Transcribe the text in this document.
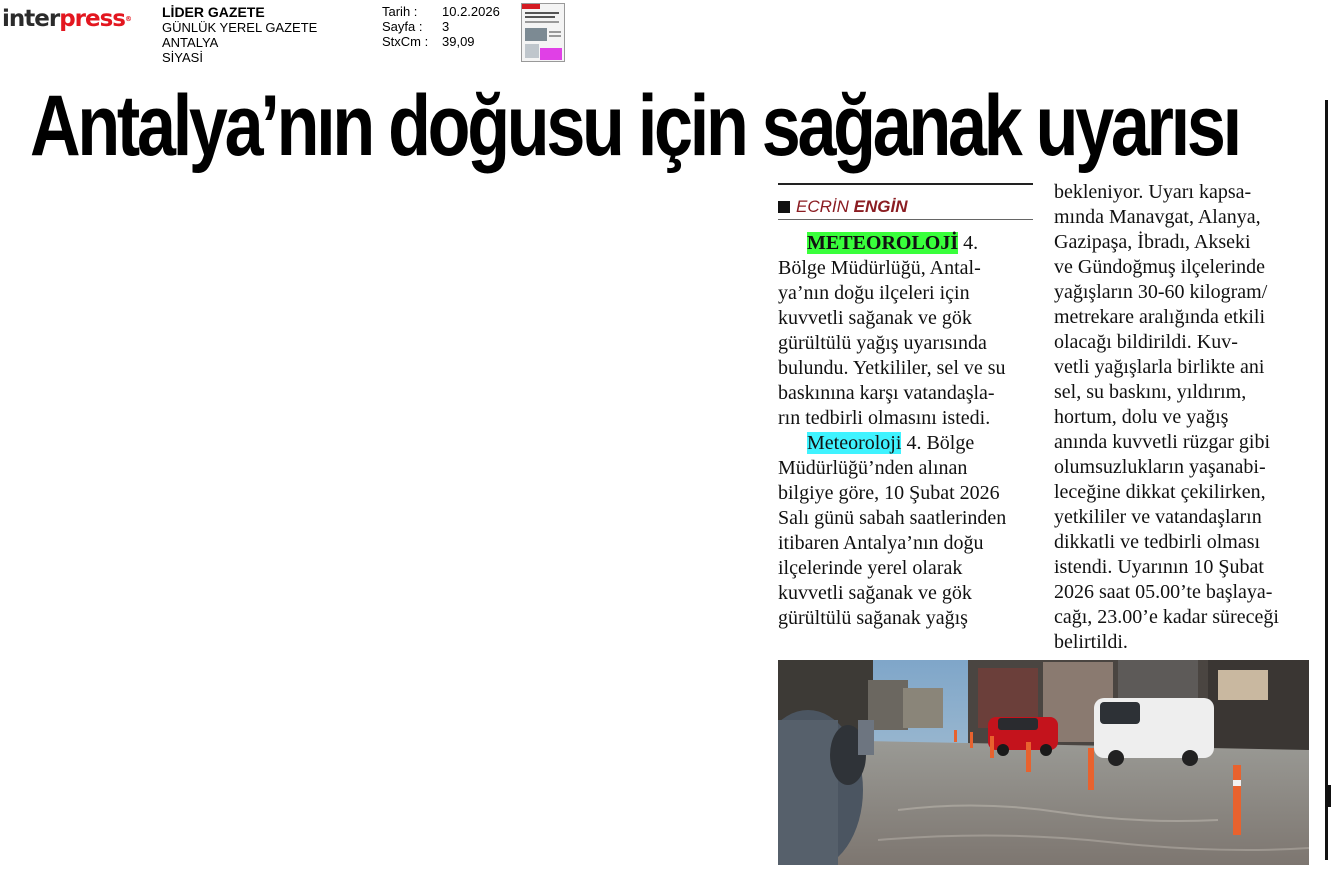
interpress® LİDER GAZETE
GÜNLÜK YEREL GAZETE
ANTALYA
SİYASİ
Tarih :	10.2.2026
Sayfa :	3
StxCm :	39,09
Antalya’nın doğusu için sağanak uyarısı
ECRİN ENGİN

METEOROLOJİ 4.

Bölge Müdürlüğü, Antal-

ya’nın doğu ilçeleri için

kuvvetli sağanak ve gök

gürültülü yağış uyarısında

bulundu. Yetkililer, sel ve su

baskınına karşı vatandaşla-

rın tedbirli olmasını istedi.

Meteoroloji 4. Bölge

Müdürlüğü’nden alınan

bilgiye göre, 10 Şubat 2026

Salı günü sabah saatlerinden

itibaren Antalya’nın doğu

ilçelerinde yerel olarak

kuvvetli sağanak ve gök

gürültülü sağanak yağış

bekleniyor. Uyarı kapsa-

mında Manavgat, Alanya,

Gazipaşa, İbradı, Akseki

ve Gündoğmuş ilçelerinde

yağışların 30-60 kilogram/

metrekare aralığında etkili

olacağı bildirildi. Kuv-

vetli yağışlarla birlikte ani

sel, su baskını, yıldırım,

hortum, dolu ve yağış

anında kuvvetli rüzgar gibi

olumsuzlukların yaşanabi-

leceğine dikkat çekilirken,

yetkililer ve vatandaşların

dikkatli ve tedbirli olması

istendi. Uyarının 10 Şubat

2026 saat 05.00’te başlaya-

cağı, 23.00’e kadar süreceği

belirtildi.
